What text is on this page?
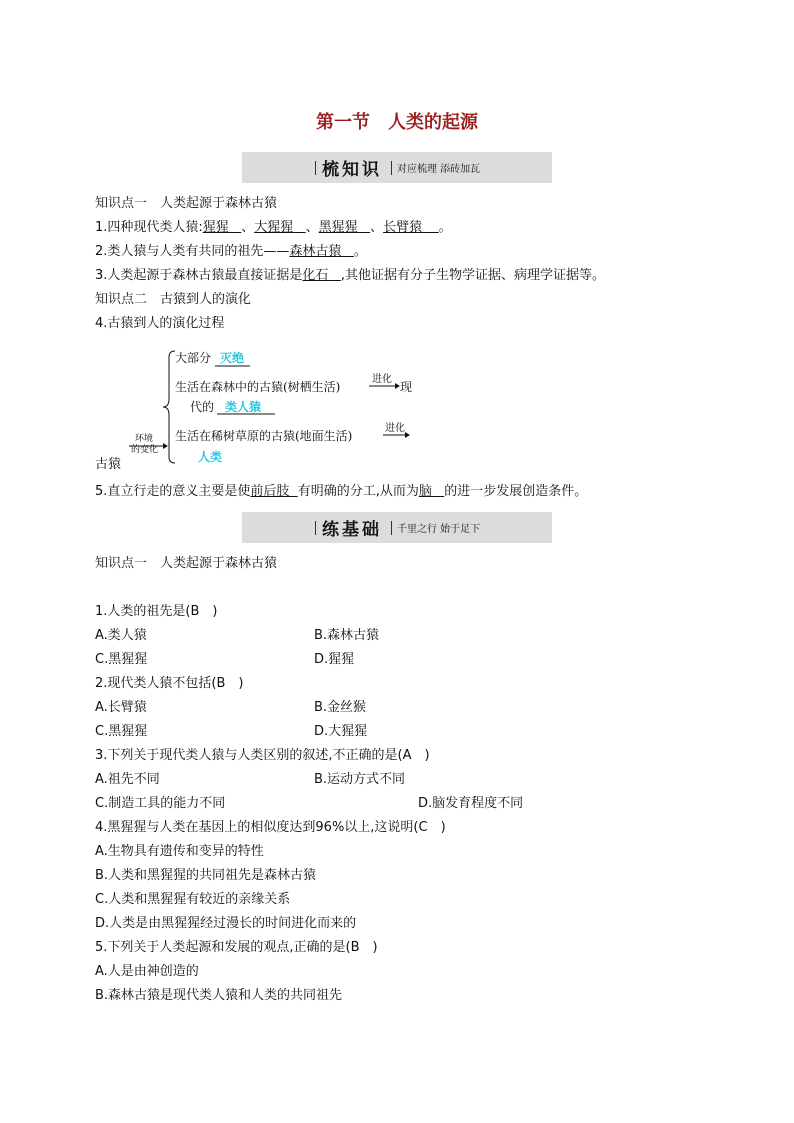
第一节　人类的起源
梳知识 对应梳理 添砖加瓦
知识点一　人类起源于森林古猿
1.四种现代类人猿:猩猩 、大猩猩 、黑猩猩 、长臂猿 。
2.类人猿与人类有共同的祖先——森林古猿 。
3.人类起源于森林古猿最直接证据是化石 ,其他证据有分子生物学证据、病理学证据等。
知识点二　古猿到人的演化
4.古猿到人的演化过程
古猿
环境
的变化
大部分 灭绝
生活在森林中的古猿(树栖生活)
进化
现
代的 类人猿
生活在稀树草原的古猿(地面生活)
进化
人类
5.直立行走的意义主要是使前后肢 有明确的分工,从而为脑 的进一步发展创造条件。
练基础 千里之行 始于足下
知识点一　人类起源于森林古猿
1.人类的祖先是(B　)
A.类人猿	B.森林古猿
C.黑猩猩	D.猩猩
2.现代类人猿不包括(B　)
A.长臂猿	B.金丝猴
C.黑猩猩	D.大猩猩
3.下列关于现代类人猿与人类区别的叙述,不正确的是(A　)
A.祖先不同	B.运动方式不同
C.制造工具的能力不同	D.脑发育程度不同
4.黑猩猩与人类在基因上的相似度达到96%以上,这说明(C　)
A.生物具有遗传和变异的特性
B.人类和黑猩猩的共同祖先是森林古猿
C.人类和黑猩猩有较近的亲缘关系
D.人类是由黑猩猩经过漫长的时间进化而来的
5.下列关于人类起源和发展的观点,正确的是(B　)
A.人是由神创造的
B.森林古猿是现代类人猿和人类的共同祖先
